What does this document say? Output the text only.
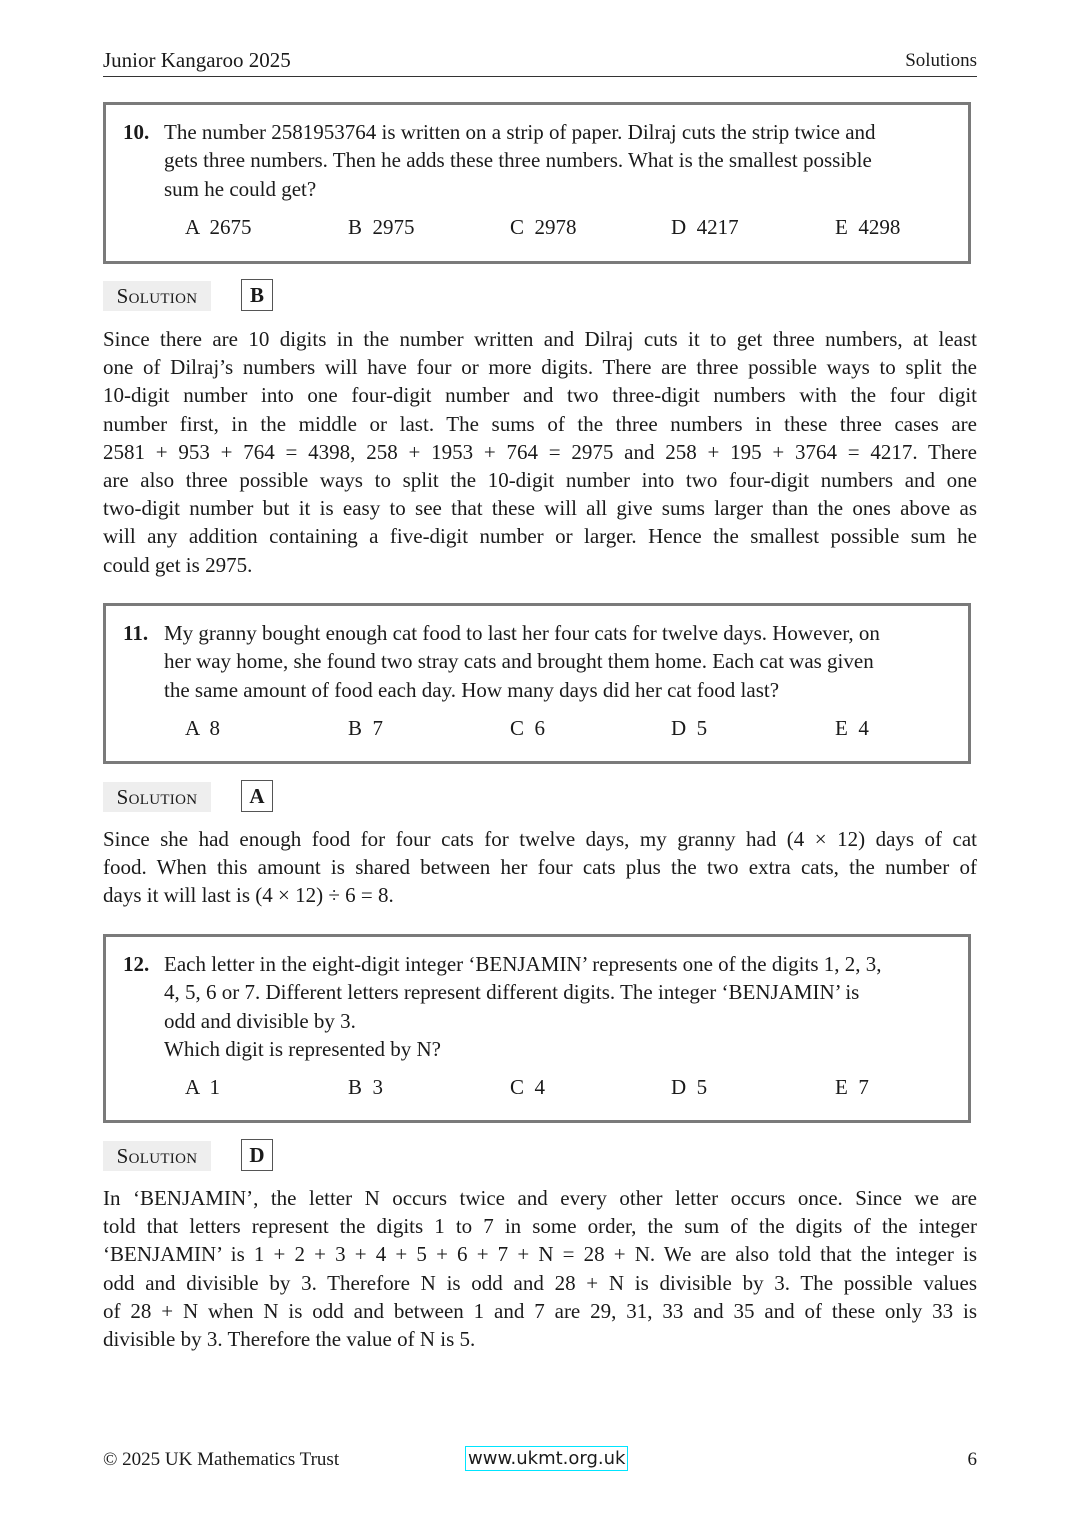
Junior Kangaroo 2025	Solutions
10. The number 2581953764 is written on a strip of paper. Dilraj cuts the strip twice and
gets three numbers. Then he adds these three numbers. What is the smallest possible
sum he could get?
A  2675	B  2975	C  2978	D  4217	E  4298
Solution	B
Since there are 10 digits in the number written and Dilraj cuts it to get three numbers, at least
one of Dilraj’s numbers will have four or more digits. There are three possible ways to split the
10-digit number into one four-digit number and two three-digit numbers with the four digit
number first, in the middle or last. The sums of the three numbers in these three cases are
2581 + 953 + 764 = 4398, 258 + 1953 + 764 = 2975 and 258 + 195 + 3764 = 4217. There
are also three possible ways to split the 10-digit number into two four-digit numbers and one
two-digit number but it is easy to see that these will all give sums larger than the ones above as
will any addition containing a five-digit number or larger. Hence the smallest possible sum he
could get is 2975.
11. My granny bought enough cat food to last her four cats for twelve days. However, on
her way home, she found two stray cats and brought them home. Each cat was given
the same amount of food each day. How many days did her cat food last?
A  8	B  7	C  6	D  5	E  4
Solution	A
Since she had enough food for four cats for twelve days, my granny had (4 × 12) days of cat
food. When this amount is shared between her four cats plus the two extra cats, the number of
days it will last is (4 × 12) ÷ 6 = 8.
12. Each letter in the eight-digit integer ‘BENJAMIN’ represents one of the digits 1, 2, 3,
4, 5, 6 or 7. Different letters represent different digits. The integer ‘BENJAMIN’ is
odd and divisible by 3.
Which digit is represented by N?
A  1	B  3	C  4	D  5	E  7
Solution	D
In ‘BENJAMIN’, the letter N occurs twice and every other letter occurs once. Since we are
told that letters represent the digits 1 to 7 in some order, the sum of the digits of the integer
‘BENJAMIN’ is 1 + 2 + 3 + 4 + 5 + 6 + 7 + N = 28 + N. We are also told that the integer is
odd and divisible by 3. Therefore N is odd and 28 + N is divisible by 3. The possible values
of 28 + N when N is odd and between 1 and 7 are 29, 31, 33 and 35 and of these only 33 is
divisible by 3. Therefore the value of N is 5.
© 2025 UK Mathematics Trust	www.ukmt.org.uk	6
